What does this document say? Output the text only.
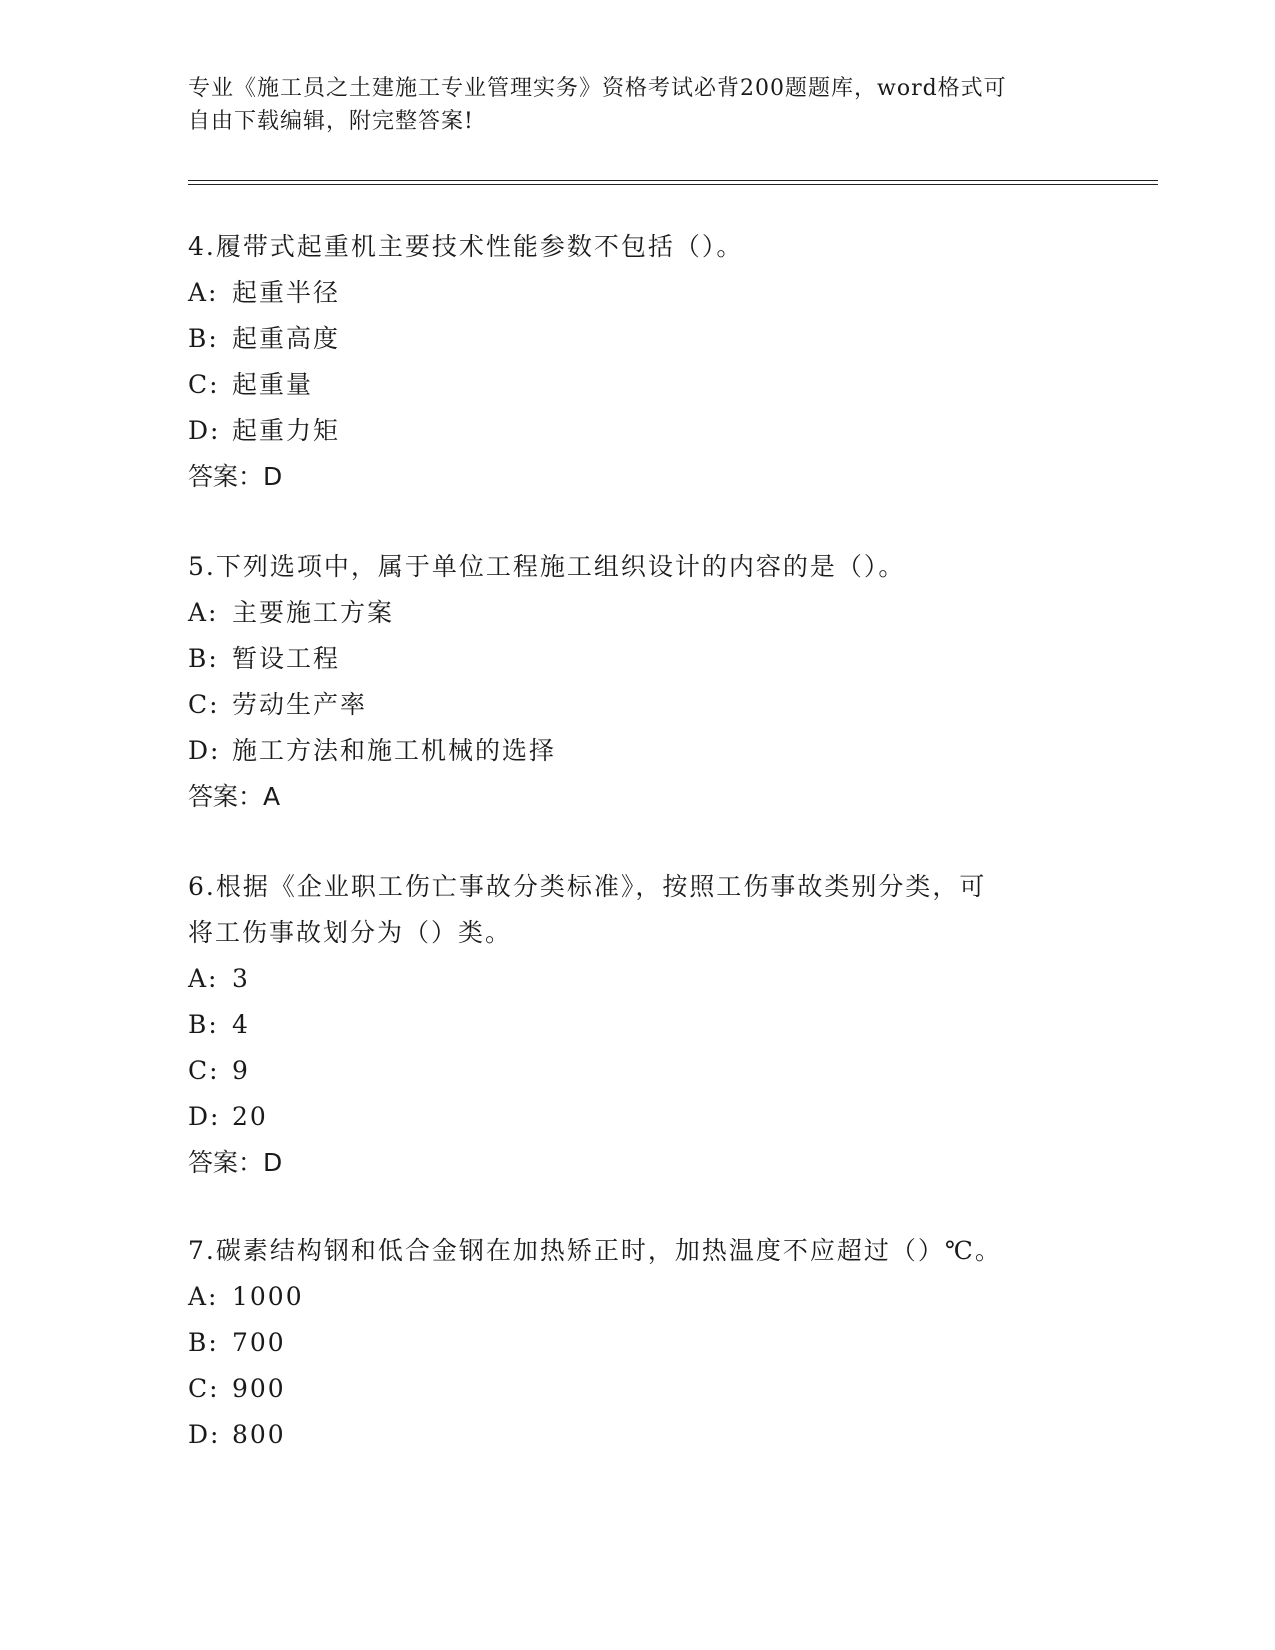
专业《施工员之土建施工专业管理实务》资格考试必背200题题库，word格式可
自由下载编辑，附完整答案!

4.履带式起重机主要技术性能参数不包括（）。

A: 起重半径

B: 起重高度

C: 起重量

D: 起重力矩

答案：D

5.下列选项中，属于单位工程施工组织设计的内容的是（）。

A: 主要施工方案

B: 暂设工程

C: 劳动生产率

D: 施工方法和施工机械的选择

答案：A

6.根据《企业职工伤亡事故分类标准》，按照工伤事故类别分类，可

将工伤事故划分为（）类。

A: 3

B: 4

C: 9

D: 20

答案：D

7.碳素结构钢和低合金钢在加热矫正时，加热温度不应超过（）℃。

A: 1000

B: 700

C: 900

D: 800
